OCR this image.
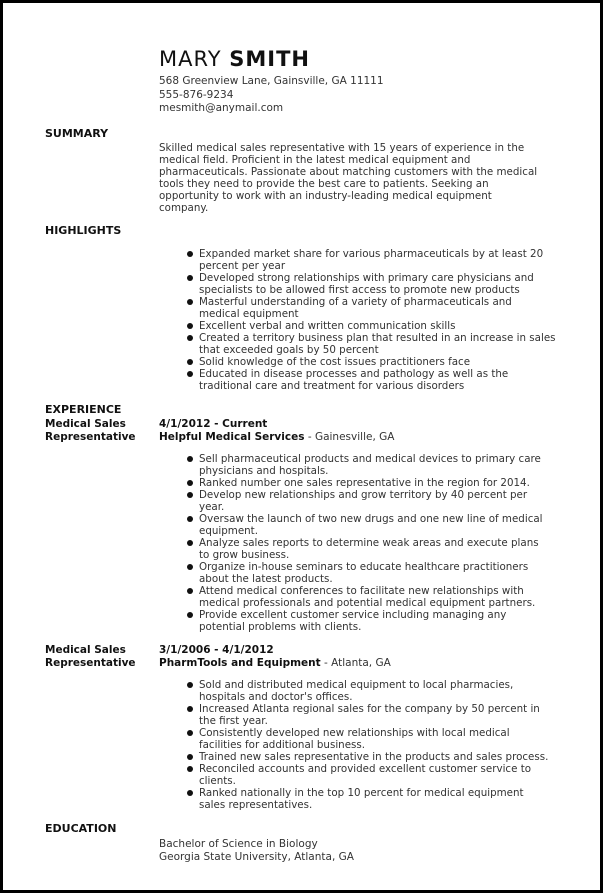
MARY SMITH
568 Greenview Lane, Gainsville, GA 11111
555-876-9234
mesmith@anymail.com
SUMMARY
Skilled medical sales representative with 15 years of experience in the
medical field. Proficient in the latest medical equipment and
pharmaceuticals. Passionate about matching customers with the medical
tools they need to provide the best care to patients. Seeking an
opportunity to work with an industry-leading medical equipment
company.
HIGHLIGHTS
Expanded market share for various pharmaceuticals by at least 20
percent per year
Developed strong relationships with primary care physicians and
specialists to be allowed first access to promote new products
Masterful understanding of a variety of pharmaceuticals and
medical equipment
Excellent verbal and written communication skills
Created a territory business plan that resulted in an increase in sales
that exceeded goals by 50 percent
Solid knowledge of the cost issues practitioners face
Educated in disease processes and pathology as well as the
traditional care and treatment for various disorders
EXPERIENCE
Medical Sales
Representative
4/1/2012 - Current
Helpful Medical Services - Gainesville, GA
Sell pharmaceutical products and medical devices to primary care
physicians and hospitals.
Ranked number one sales representative in the region for 2014.
Develop new relationships and grow territory by 40 percent per
year.
Oversaw the launch of two new drugs and one new line of medical
equipment.
Analyze sales reports to determine weak areas and execute plans
to grow business.
Organize in-house seminars to educate healthcare practitioners
about the latest products.
Attend medical conferences to facilitate new relationships with
medical professionals and potential medical equipment partners.
Provide excellent customer service including managing any
potential problems with clients.
Medical Sales
Representative
3/1/2006 - 4/1/2012
PharmTools and Equipment - Atlanta, GA
Sold and distributed medical equipment to local pharmacies,
hospitals and doctor's offices.
Increased Atlanta regional sales for the company by 50 percent in
the first year.
Consistently developed new relationships with local medical
facilities for additional business.
Trained new sales representative in the products and sales process.
Reconciled accounts and provided excellent customer service to
clients.
Ranked nationally in the top 10 percent for medical equipment
sales representatives.
EDUCATION
Bachelor of Science in Biology
Georgia State University, Atlanta, GA
